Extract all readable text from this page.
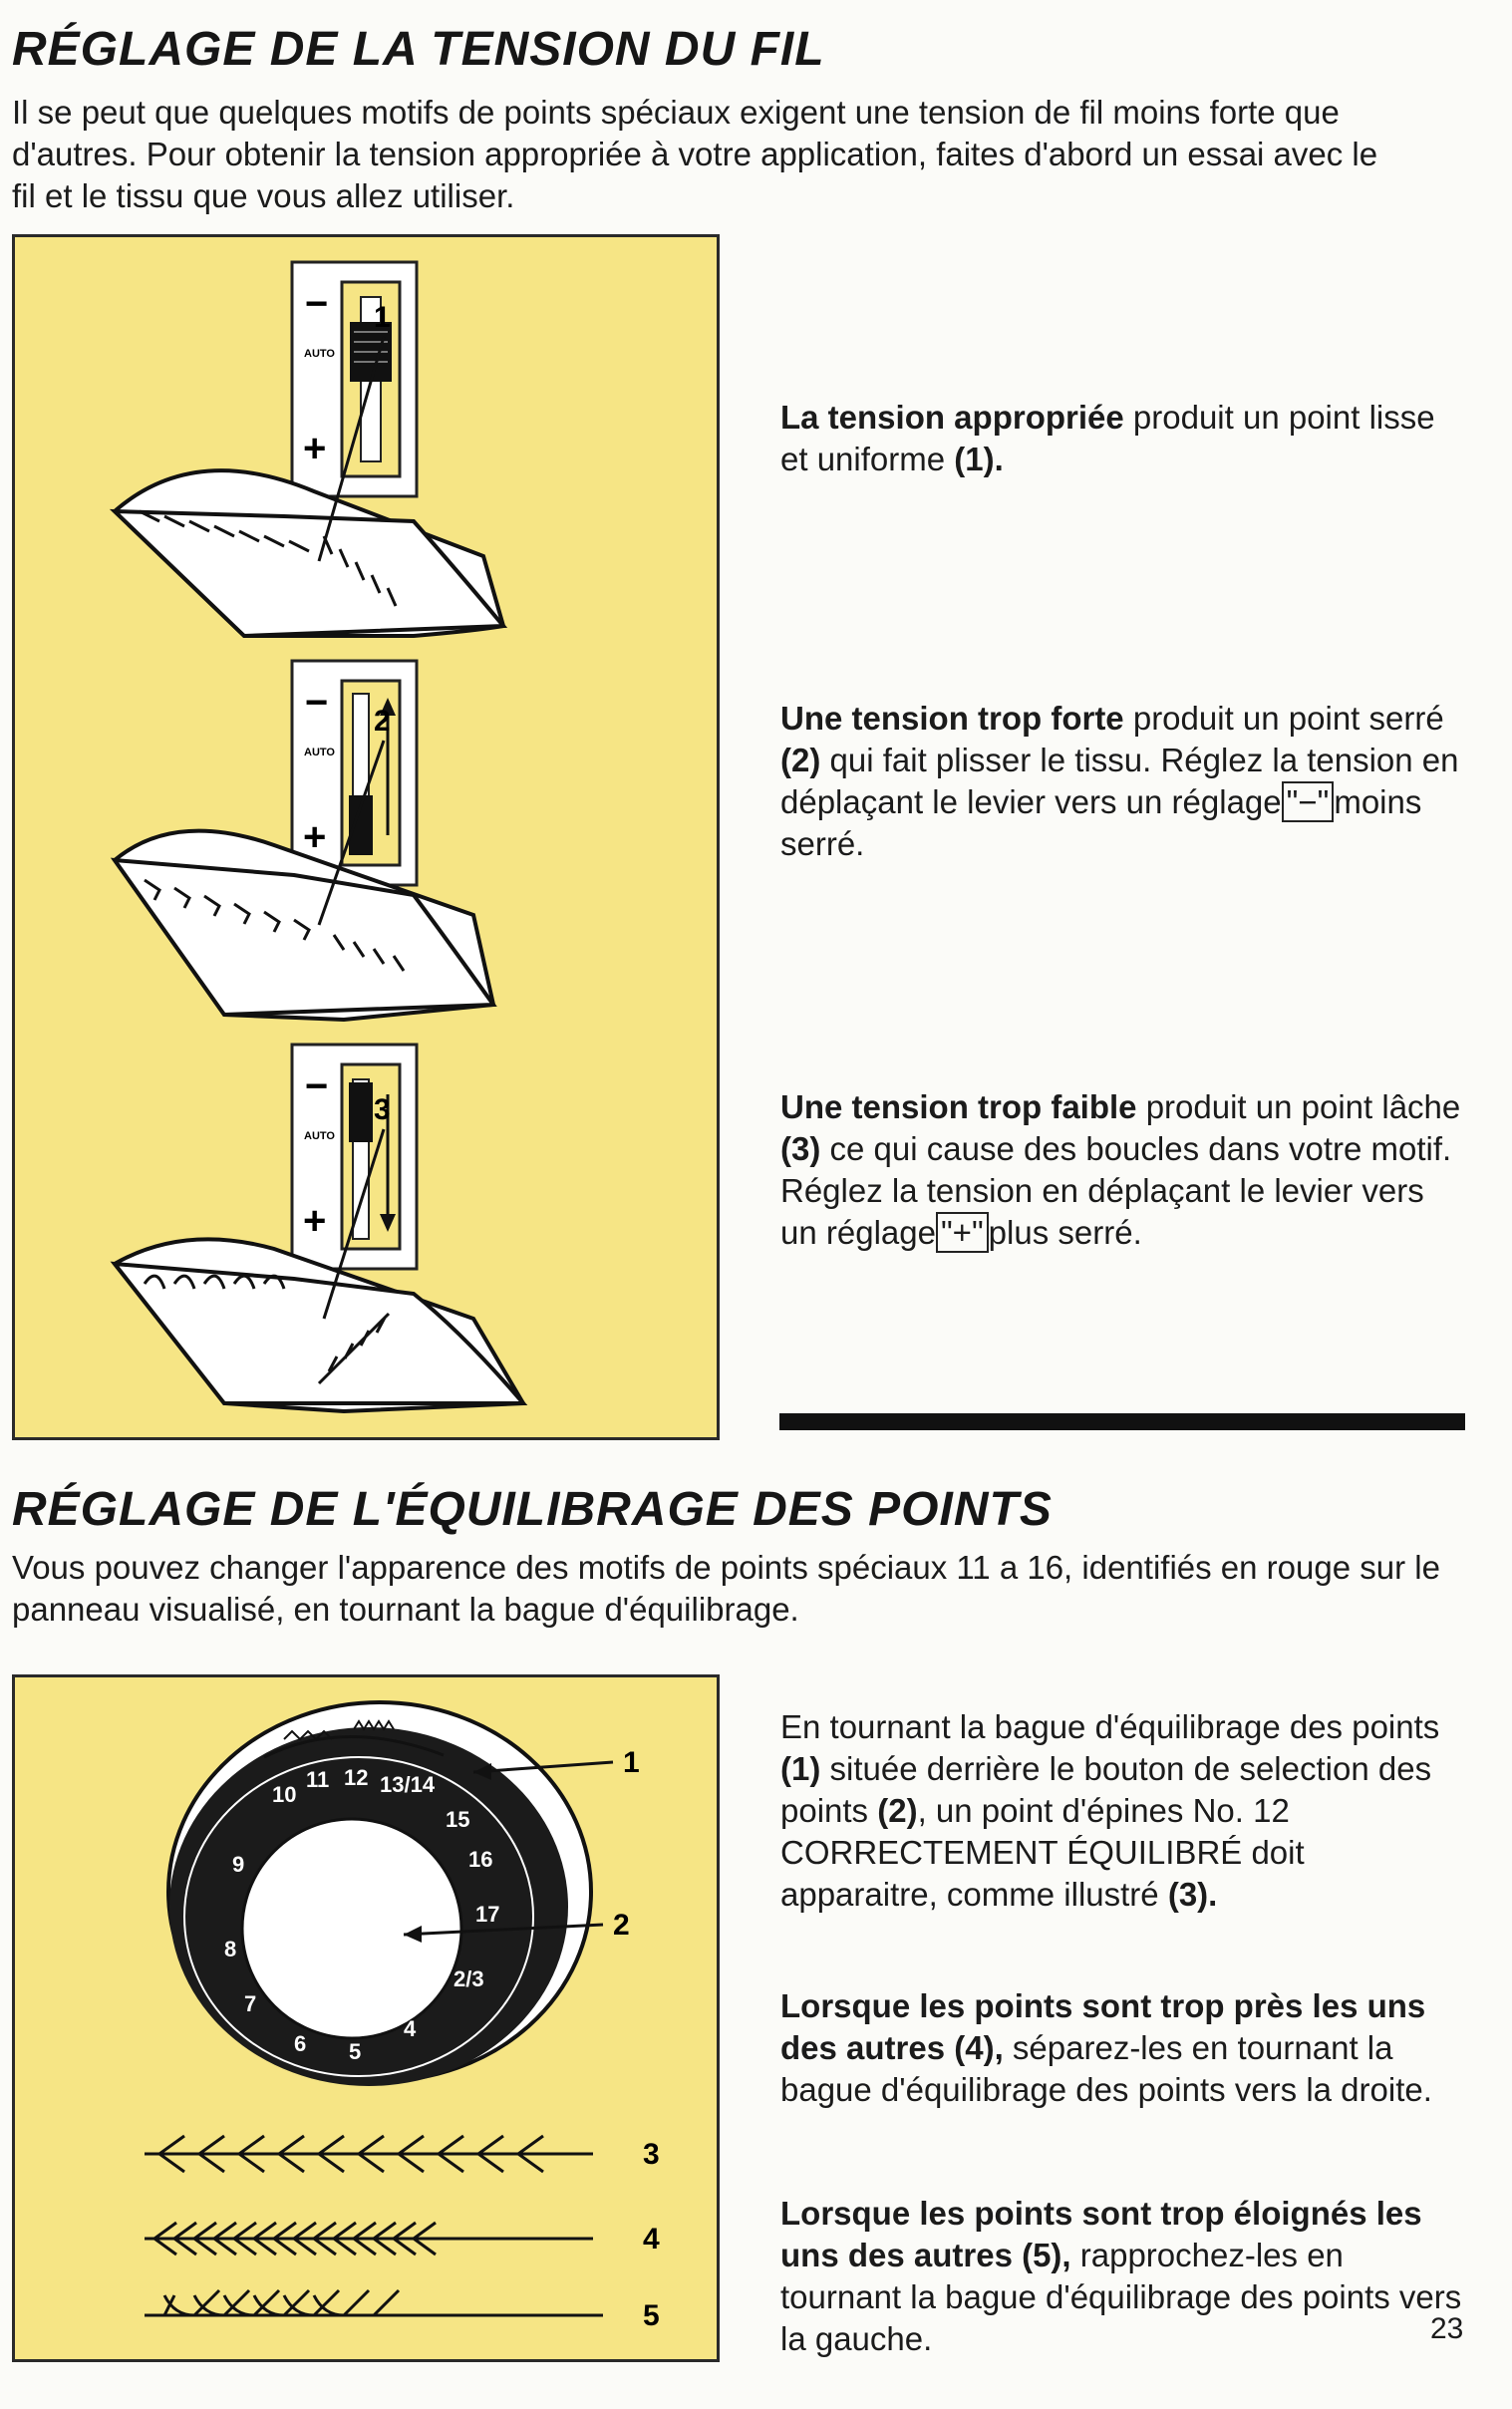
RÉGLAGE DE LA TENSION DU FIL

Il se peut que quelques motifs de points spéciaux exigent une tension de fil moins forte que d'autres. Pour obtenir la tension appropriée à votre application, faites d'abord un essai avec le fil et le tissu que vous allez utiliser.

−
AUTO
+
1
−
AUTO
+
2
−
AUTO
+
3

La tension appropriée produit un point lisse et uniforme (1).

Une tension trop forte produit un point serré (2) qui fait plisser le tissu. Réglez la tension en déplaçant le levier vers un réglage "−" moins serré.

Une tension trop faible produit un point lâche (3) ce qui cause des boucles dans votre motif. Réglez la tension en déplaçant le levier vers un réglage "+" plus serré.

RÉGLAGE DE L'ÉQUILIBRAGE DES POINTS

Vous pouvez changer l'apparence des motifs de points spéciaux 11 a 16, identifiés en rouge sur le panneau visualisé, en tournant la bague d'équilibrage.

10
11 12 13/14
15
16
17
2/3
4
5
6
7
8
9
1
2
3
4
5

En tournant la bague d'équilibrage des points (1) située derrière le bouton de selection des points (2), un point d'épines No. 12 CORRECTEMENT ÉQUILIBRÉ doit apparaitre, comme illustré (3).

Lorsque les points sont trop près les uns des autres (4), séparez-les en tournant la bague d'équilibrage des points vers la droite.

Lorsque les points sont trop éloignés les uns des autres (5), rapprochez-les en tournant la bague d'équilibrage des points vers la gauche.	23
